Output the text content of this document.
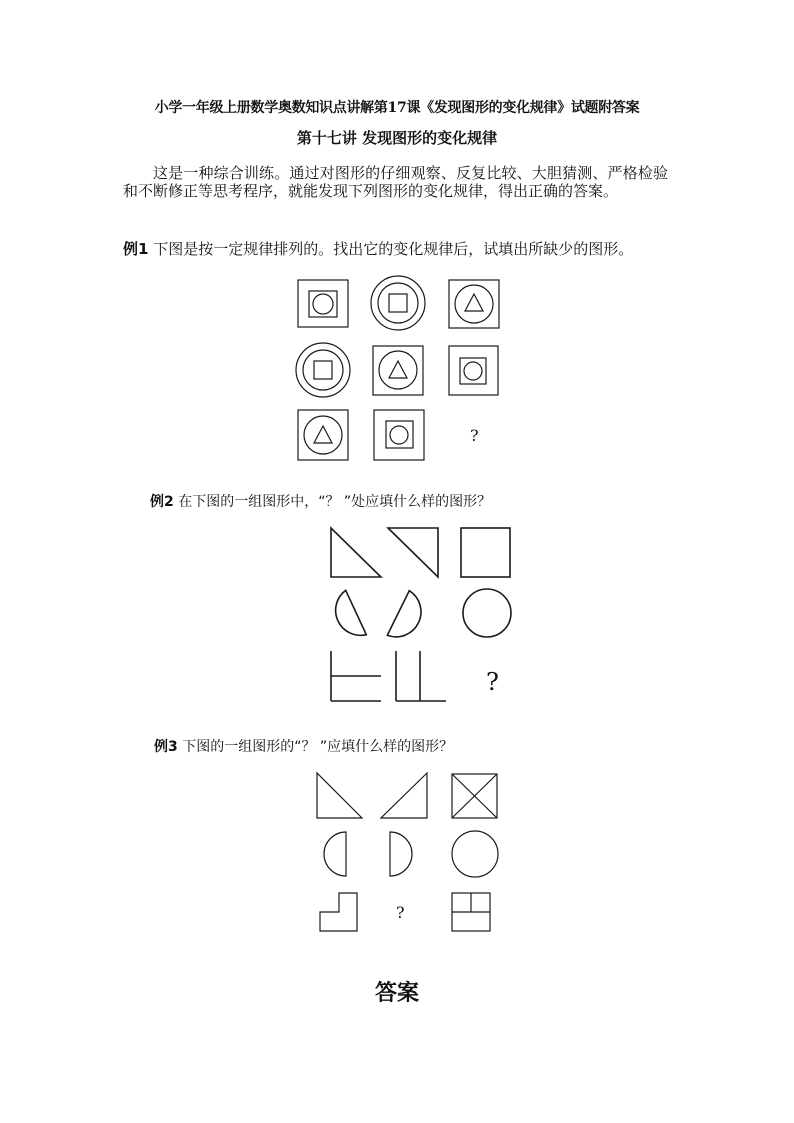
小学一年级上册数学奥数知识点讲解第17课《发现图形的变化规律》试题附答案
第十七讲 发现图形的变化规律
这是一种综合训练。通过对图形的仔细观察、反复比较、大胆猜测、严格检验和不断修正等思考程序，就能发现下列图形的变化规律，得出正确的答案。
例1 下图是按一定规律排列的。找出它的变化规律后，试填出所缺少的图形。
例2 在下图的一组图形中，“？ ”处应填什么样的图形？
例3 下图的一组图形的“？ ”应填什么样的图形？
答案
?
?
?
